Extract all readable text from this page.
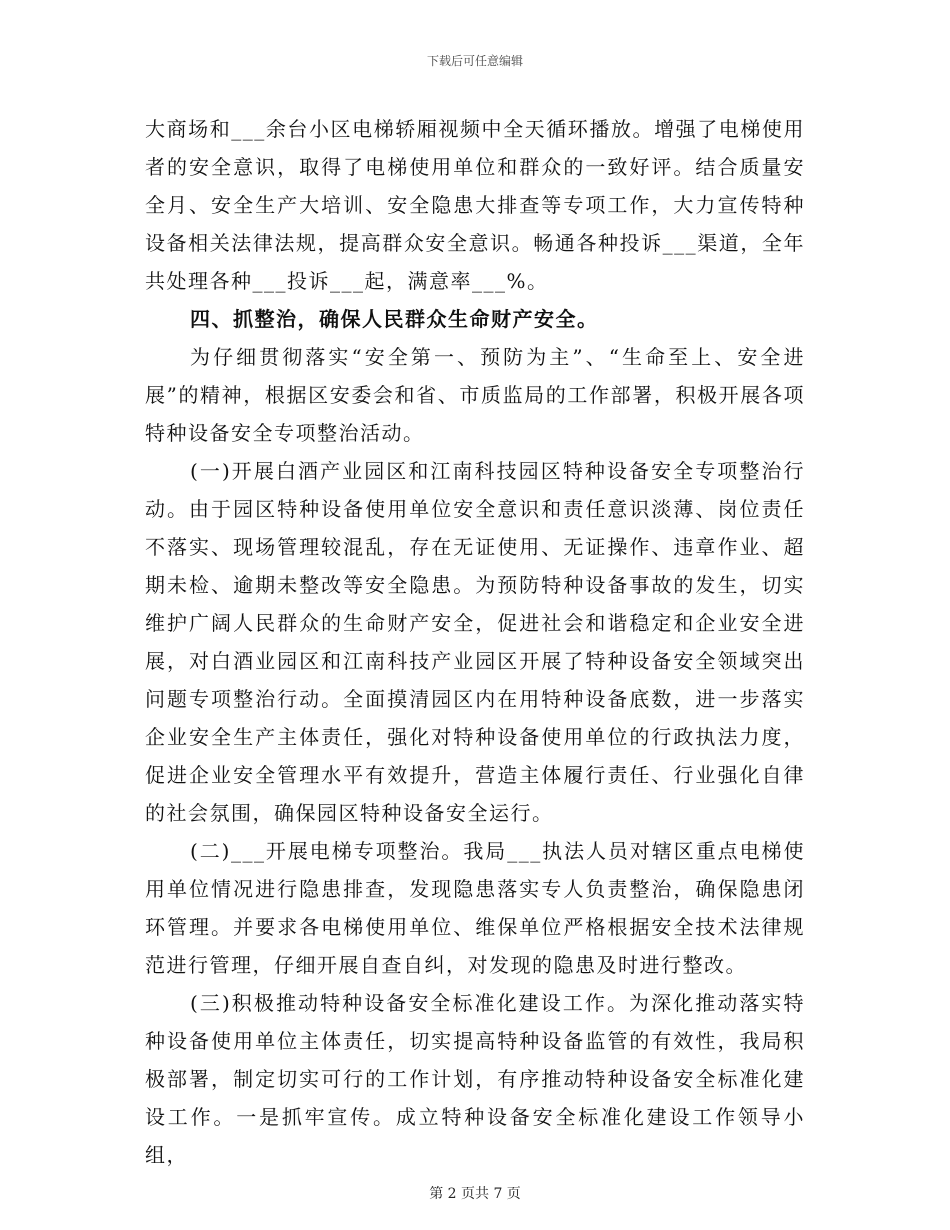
下载后可任意编辑

大商场和___余台小区电梯轿厢视频中全天循环播放。增强了电梯使用者的安全意识，取得了电梯使用单位和群众的一致好评。结合质量安全月、安全生产大培训、安全隐患大排查等专项工作，大力宣传特种设备相关法律法规，提高群众安全意识。畅通各种投诉___渠道，全年共处理各种___投诉___起，满意率___%。

四、抓整治，确保人民群众生命财产安全。

为仔细贯彻落实“安全第一、预防为主”、“生命至上、安全进展”的精神，根据区安委会和省、市质监局的工作部署，积极开展各项特种设备安全专项整治活动。

(一)开展白酒产业园区和江南科技园区特种设备安全专项整治行动。由于园区特种设备使用单位安全意识和责任意识淡薄、岗位责任不落实、现场管理较混乱，存在无证使用、无证操作、违章作业、超期未检、逾期未整改等安全隐患。为预防特种设备事故的发生，切实维护广阔人民群众的生命财产安全，促进社会和谐稳定和企业安全进展，对白酒业园区和江南科技产业园区开展了特种设备安全领域突出问题专项整治行动。全面摸清园区内在用特种设备底数，进一步落实企业安全生产主体责任，强化对特种设备使用单位的行政执法力度，促进企业安全管理水平有效提升，营造主体履行责任、行业强化自律的社会氛围，确保园区特种设备安全运行。

(二)___开展电梯专项整治。我局___执法人员对辖区重点电梯使用单位情况进行隐患排查，发现隐患落实专人负责整治，确保隐患闭环管理。并要求各电梯使用单位、维保单位严格根据安全技术法律规范进行管理，仔细开展自查自纠，对发现的隐患及时进行整改。

(三)积极推动特种设备安全标准化建设工作。为深化推动落实特种设备使用单位主体责任，切实提高特种设备监管的有效性，我局积极部署，制定切实可行的工作计划，有序推动特种设备安全标准化建设工作。一是抓牢宣传。成立特种设备安全标准化建设工作领导小组，

第 2 页共 7 页
